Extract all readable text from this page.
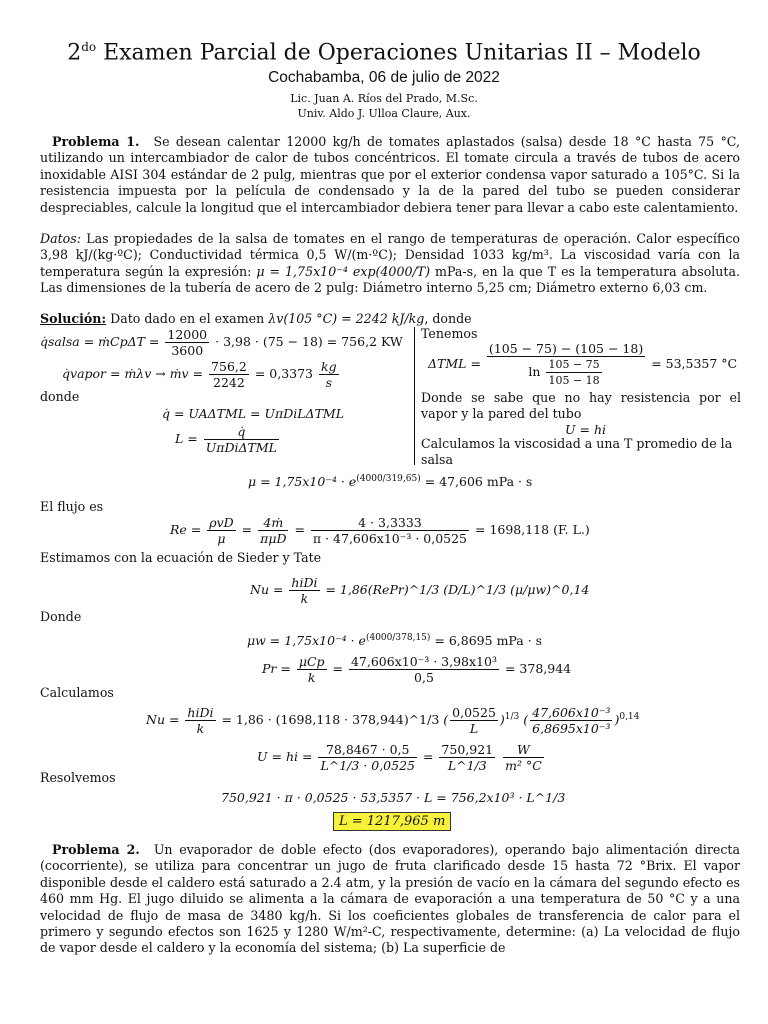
$2^{do}$ Examen Parcial de Operaciones Unitarias II – Modelo
Cochabamba, 06 de julio de 2022
Lic. Juan A. Ríos del Prado, M.Sc.
Univ. Aldo J. Ulloa Claure, Aux.
Problema 1. Se desean calentar 12000 kg/h de tomates aplastados (salsa) desde 18 °C hasta 75 °C, utilizando un intercambiador de calor de tubos concéntricos. El tomate circula a través de tubos de acero inoxidable AISI 304 estándar de 2 pulg, mientras que por el exterior condensa vapor saturado a 105°C. Si la resistencia impuesta por la película de condensado y la de la pared del tubo se pueden considerar despreciables, calcule la longitud que el intercambiador debiera tener para llevar a cabo este calentamiento.
Datos: Las propiedades de la salsa de tomates en el rango de temperaturas de operación. Calor específico 3,98 kJ/(kg·ºC); Conductividad térmica 0,5 W/(m·ºC); Densidad 1033 kg/m³. La viscosidad varía con la temperatura según la expresión: μ = 1,75x10⁻⁴ exp(4000/T) mPa-s, en la que T es la temperatura absoluta. Las dimensiones de la tubería de acero de 2 pulg: Diámetro interno 5,25 cm; Diámetro externo 6,03 cm.
Solución: Dato dado en el examen λv(105 °C) = 2242 kJ/kg, donde
q̇salsa = ṁCpΔT = $\frac{12000}{3600} \cdot 3,98 \cdot (75 - 18) = 756,2$ KW
q̇vapor = ṁλv → ṁv = $\frac{756,2}{2242} = 0,3373 \frac{kg}{s}$
donde
q̇ = UAΔTML = UπDiLΔTML
$L = \frac{q̇}{\text{UπDiΔTML}}$
Tenemos
$\Delta TML = \frac{(105 - 75) - (105 - 18)}{\ln \frac{105 - 75}{105 - 18}} = 53,5357$ °C
Donde se sabe que no hay resistencia por el vapor y la pared del tubo
U = hi
Calculamos la viscosidad a una T promedio de la salsa
$\mu = 1,75x10^{-4} \cdot e^{(4000/319,65)} = 47,606$ mPa · s
El flujo es
$Re = \frac{\text{ρvD}}{\mu} = \frac{\text{4ṁ}}{\text{πμD}} = \frac{4 \cdot 3,3333}{\text{π · 47,606x10⁻³ · 0,0525}} = 1698,118$ (F. L.)
Estimamos con la ecuación de Sieder y Tate
$Nu = \frac{\text{hiDi}}{k}$ = 1,86(RePr)^1/3 (D/L)^1/3 (μ/μw)^0,14
Donde
$\mu w = 1,75x10^{-4} \cdot e^{(4000/378,15)} = 6,8695$ mPa · s
$Pr = \frac{\text{μCp}}{k} = \frac{\text{47,606x10⁻³ · 3,98x10³}}{0,5} = 378,944$
Calculamos
$Nu = \frac{\text{hiDi}}{k} = 1,86 \cdot (1698,118$ · 378,944)^1/3 ( $\frac{0,0525}{L} )^{1/3}$ ( $\frac{\text{47,606x10⁻³}}{\text{6,8695x10⁻³}} )^{0,14}$
U = hi = $\frac{78,8467 \cdot 0,5}{L\^{}1/3 \cdot 0,0525} = \frac{750,921}{L\^{}1/3}$
$\frac{W}{\text{m² °C}}$
Resolvemos
750,921 · π · 0,0525 · 53,5357 · L = 756,2x10³ · L^1/3
L = 1217,965 m
Problema 2. Un evaporador de doble efecto (dos evaporadores), operando bajo alimentación directa (cocorriente), se utiliza para concentrar un jugo de fruta clarificado desde 15 hasta 72 °Brix. El vapor disponible desde el caldero está saturado a 2.4 atm, y la presión de vacío en la cámara del segundo efecto es 460 mm Hg. El jugo diluido se alimenta a la cámara de evaporación a una temperatura de 50 °C y a una velocidad de flujo de masa de 3480 kg/h. Si los coeficientes globales de transferencia de calor para el primero y segundo efectos son 1625 y 1280 W/m²-C, respectivamente, determine: (a) La velocidad de flujo de vapor desde el caldero y la economía del sistema; (b) La superficie de
